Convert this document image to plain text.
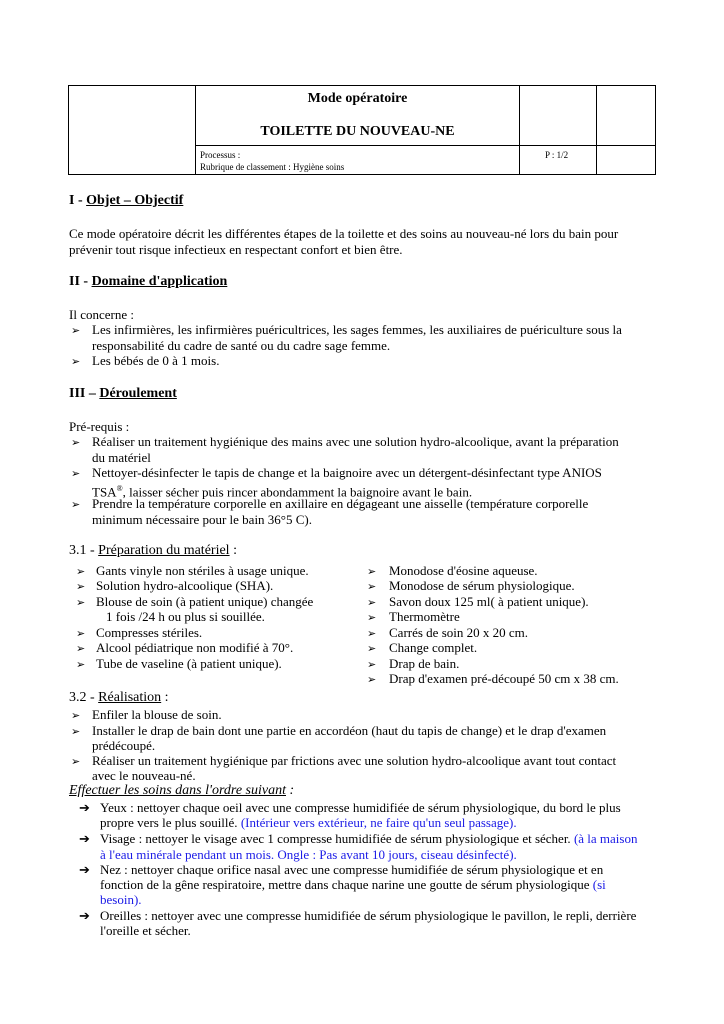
Mode opératoire
TOILETTE DU NOUVEAU-NE
Processus :
Rubrique de classement : Hygiène soins
P : 1/2
I - Objet – Objectif
Ce mode opératoire décrit les différentes étapes de la toilette et des soins au nouveau-né lors du bain pour
prévenir tout risque infectieux en respectant confort et bien être.
II - Domaine d'application
Il concerne :
➢ Les infirmières, les infirmières puéricultrices, les sages femmes, les auxiliaires de puériculture sous la
responsabilité du cadre de santé ou du cadre sage femme.
➢ Les bébés de 0 à 1 mois.
III – Déroulement
Pré-requis :
➢ Réaliser un traitement hygiénique des mains avec une solution hydro-alcoolique, avant la préparation
du matériel
➢ Nettoyer-désinfecter le tapis de change et la baignoire avec un détergent-désinfectant type ANIOS
TSA®, laisser sécher puis rincer abondamment la baignoire avant le bain.
➢ Prendre la température corporelle en axillaire en dégageant une aisselle (température corporelle
minimum nécessaire pour le bain 36°5 C).
3.1 - Préparation du matériel :
3.2 - Réalisation :
➢ Enfiler la blouse de soin.
➢ Installer le drap de bain dont une partie en accordéon (haut du tapis de change) et le drap d'examen
prédécoupé.
➢ Réaliser un traitement hygiénique par frictions avec une solution hydro-alcoolique avant tout contact
avec le nouveau-né.
Effectuer les soins dans l'ordre suivant :
➔ Yeux : nettoyer chaque oeil avec une compresse humidifiée de sérum physiologique, du bord le plus
propre vers le plus souillé. (Intérieur vers extérieur, ne faire qu'un seul passage).
➔ Visage : nettoyer le visage avec 1 compresse humidifiée de sérum physiologique et sécher. (à la maison
à l'eau minérale pendant un mois. Ongle : Pas avant 10 jours, ciseau désinfecté).
➔ Nez : nettoyer chaque orifice nasal avec une compresse humidifiée de sérum physiologique et en
fonction de la gêne respiratoire, mettre dans chaque narine une goutte de sérum physiologique (si
besoin).
➔ Oreilles : nettoyer avec une compresse humidifiée de sérum physiologique le pavillon, le repli, derrière
l'oreille et sécher.
➢ Gants vinyle non stériles à usage unique.
➢ Solution hydro-alcoolique (SHA).
➢ Blouse de soin (à patient unique) changée
1 fois /24 h ou plus si souillée.
➢ Compresses stériles.
➢ Alcool pédiatrique non modifié à 70°.
➢ Tube de vaseline (à patient unique).
➢ Monodose d'éosine aqueuse.
➢ Monodose de sérum physiologique.
➢ Savon doux 125 ml( à patient unique).
➢ Thermomètre
➢ Carrés de soin 20 x 20 cm.
➢ Change complet.
➢ Drap de bain.
➢ Drap d'examen pré-découpé 50 cm x 38 cm.
